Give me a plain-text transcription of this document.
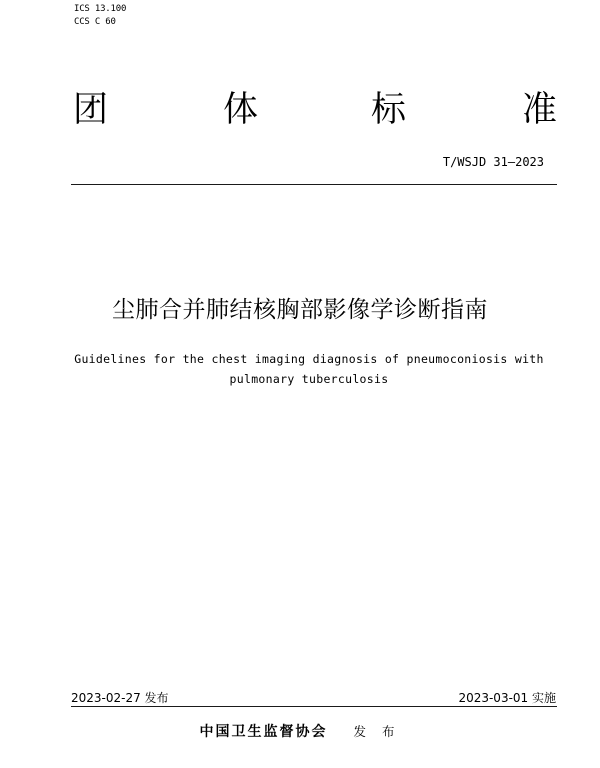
ICS 13.100
CCS C 60
团	体	标	准
T/WSJD 31—2023
尘肺合并肺结核胸部影像学诊断指南
Guidelines for the chest imaging diagnosis of pneumoconiosis with pulmonary tuberculosis
2023-02-27 发布	2023-03-01 实施
中国卫生监督协会 发 布
